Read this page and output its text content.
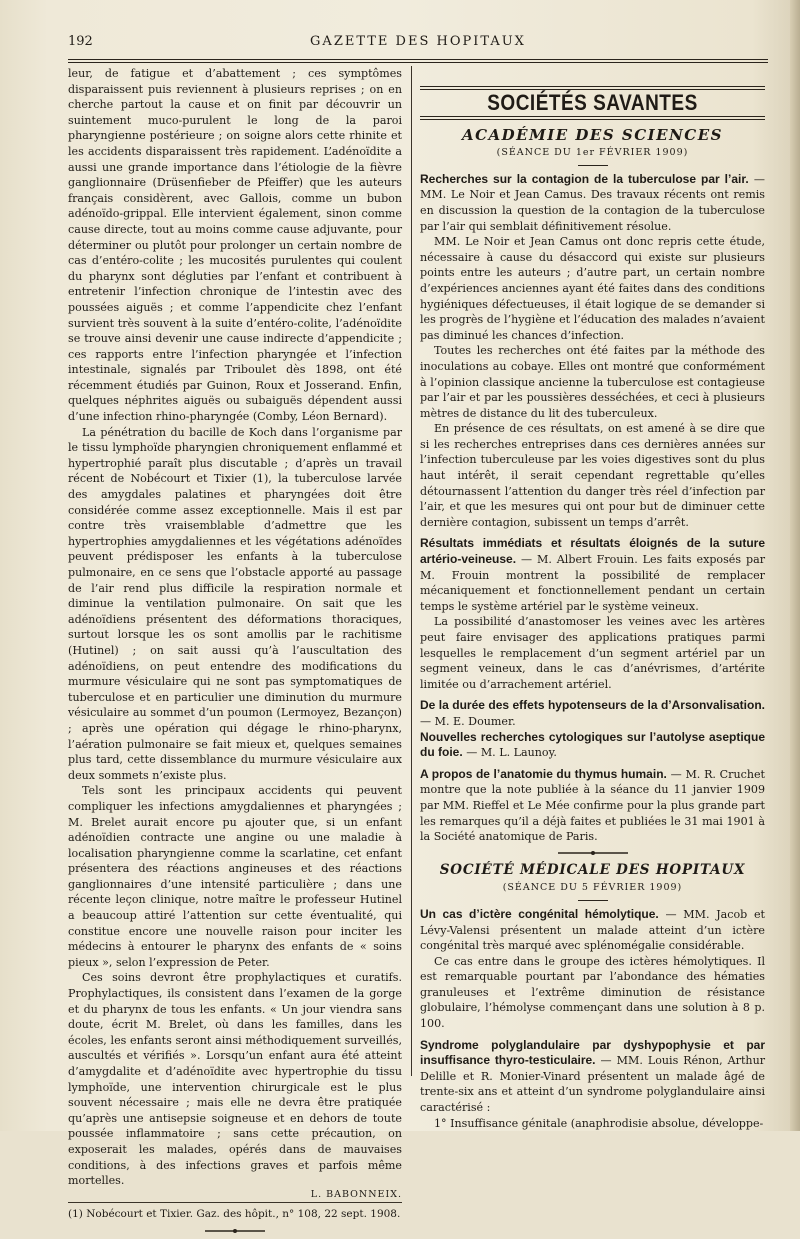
192	GAZETTE DES HOPITAUX

leur, de fatigue et d’abattement ; ces symptômes disparaissent puis reviennent à plusieurs reprises ; on en cherche partout la cause et on finit par découvrir un suintement muco-purulent le long de la paroi pharyngienne postérieure ; on soigne alors cette rhinite et les accidents disparaissent très rapidement. L’adénoïdite a aussi une grande importance dans l’étiologie de la fièvre ganglionnaire (Drüsenfieber de Pfeiffer) que les auteurs français considèrent, avec Gallois, comme un bubon adénoïdo-grippal. Elle intervient également, sinon comme cause directe, tout au moins comme cause adjuvante, pour déterminer ou plutôt pour prolonger un certain nombre de cas d’entéro-colite ; les mucosités purulentes qui coulent du pharynx sont dégluties par l’enfant et contribuent à entretenir l’infection chronique de l’intestin avec des poussées aiguës ; et comme l’appendicite chez l’enfant survient très souvent à la suite d’entéro-colite, l’adénoïdite se trouve ainsi devenir une cause indirecte d’appendicite ; ces rapports entre l’infection pharyngée et l’infection intestinale, signalés par Triboulet dès 1898, ont été récemment étudiés par Guinon, Roux et Josserand. Enfin, quelques néphrites aiguës ou subaiguës dépendent aussi d’une infection rhino-pharyngée (Comby, Léon Bernard).

La pénétration du bacille de Koch dans l’organisme par le tissu lymphoïde pharyngien chroniquement enflammé et hypertrophié paraît plus discutable ; d’après un travail récent de Nobécourt et Tixier (1), la tuberculose larvée des amygdales palatines et pharyngées doit être considérée comme assez exceptionnelle. Mais il est par contre très vraisemblable d’admettre que les hypertrophies amygdaliennes et les végétations adénoïdes peuvent prédisposer les enfants à la tuberculose pulmonaire, en ce sens que l’obstacle apporté au passage de l’air rend plus difficile la respiration normale et diminue la ventilation pulmonaire. On sait que les adénoïdiens présentent des déformations thoraciques, surtout lorsque les os sont amollis par le rachitisme (Hutinel) ; on sait aussi qu’à l’auscultation des adénoïdiens, on peut entendre des modifications du murmure vésiculaire qui ne sont pas symptomatiques de tuberculose et en particulier une diminution du murmure vésiculaire au sommet d’un poumon (Lermoyez, Bezançon) ; après une opération qui dégage le rhino-pharynx, l’aération pulmonaire se fait mieux et, quelques semaines plus tard, cette dissemblance du murmure vésiculaire aux deux sommets n’existe plus.

Tels sont les principaux accidents qui peuvent compliquer les infections amygdaliennes et pharyngées ; M. Brelet aurait encore pu ajouter que, si un enfant adénoïdien contracte une angine ou une maladie à localisation pharyngienne comme la scarlatine, cet enfant présentera des réactions angineuses et des réactions ganglionnaires d’une intensité particulière ; dans une récente leçon clinique, notre maître le professeur Hutinel a beaucoup attiré l’attention sur cette éventualité, qui constitue encore une nouvelle raison pour inciter les médecins à entourer le pharynx des enfants de « soins pieux », selon l’expression de Peter.

Ces soins devront être prophylactiques et curatifs. Prophylactiques, ils consistent dans l’examen de la gorge et du pharynx de tous les enfants. « Un jour viendra sans doute, écrit M. Brelet, où dans les familles, dans les écoles, les enfants seront ainsi méthodiquement surveillés, auscultés et vérifiés ». Lorsqu’un enfant aura été atteint d’amygdalite et d’adénoïdite avec hypertrophie du tissu lymphoïde, une intervention chirurgicale est le plus souvent nécessaire ; mais elle ne devra être pratiquée qu’après une antisepsie soigneuse et en dehors de toute poussée inflammatoire ; sans cette précaution, on exposerait les malades, opérés dans de mauvaises conditions, à des infections graves et parfois même mortelles.

L. BABONNEIX.

(1) Nobécourt et Tixier. Gaz. des hôpit., n° 108, 22 sept. 1908.

SOCIÉTÉS SAVANTES
ACADÉMIE DES SCIENCES
(SÉANCE DU 1er FÉVRIER 1909)

Recherches sur la contagion de la tuberculose par l’air. — MM. Le Noir et Jean Camus. Des travaux récents ont remis en discussion la question de la contagion de la tuberculose par l’air qui semblait définitivement résolue.

MM. Le Noir et Jean Camus ont donc repris cette étude, nécessaire à cause du désaccord qui existe sur plusieurs points entre les auteurs ; d’autre part, un certain nombre d’expériences anciennes ayant été faites dans des conditions hygiéniques défectueuses, il était logique de se demander si les progrès de l’hygiène et l’éducation des malades n’avaient pas diminué les chances d’infection.

Toutes les recherches ont été faites par la méthode des inoculations au cobaye. Elles ont montré que conformément à l’opinion classique ancienne la tuberculose est contagieuse par l’air et par les poussières desséchées, et ceci à plusieurs mètres de distance du lit des tuberculeux.

En présence de ces résultats, on est amené à se dire que si les recherches entreprises dans ces dernières années sur l’infection tuberculeuse par les voies digestives sont du plus haut intérêt, il serait cependant regrettable qu’elles détournassent l’attention du danger très réel d’infection par l’air, et que les mesures qui ont pour but de diminuer cette dernière contagion, subissent un temps d’arrêt.

Résultats immédiats et résultats éloignés de la suture artério-veineuse. — M. Albert Frouin. Les faits exposés par M. Frouin montrent la possibilité de remplacer mécaniquement et fonctionnellement pendant un certain temps le système artériel par le système veineux.

La possibilité d’anastomoser les veines avec les artères peut faire envisager des applications pratiques parmi lesquelles le remplacement d’un segment artériel par un segment veineux, dans le cas d’anévrismes, d’artérite limitée ou d’arrachement artériel.

De la durée des effets hypotenseurs de la d’Arsonvalisation. — M. E. Doumer.

Nouvelles recherches cytologiques sur l’autolyse aseptique du foie. — M. L. Launoy.

A propos de l’anatomie du thymus humain. — M. R. Cruchet montre que la note publiée à la séance du 11 janvier 1909 par MM. Rieffel et Le Mée confirme pour la plus grande part les remarques qu’il a déjà faites et publiées le 31 mai 1901 à la Société anatomique de Paris.

SOCIÉTÉ MÉDICALE DES HOPITAUX
(SÉANCE DU 5 FÉVRIER 1909)

Un cas d’ictère congénital hémolytique. — MM. Jacob et Lévy-Valensi présentent un malade atteint d’un ictère congénital très marqué avec splénomégalie considérable.

Ce cas entre dans le groupe des ictères hémolytiques. Il est remarquable pourtant par l’abondance des hématies granuleuses et l’extrême diminution de résistance globulaire, l’hémolyse commençant dans une solution à 8 p. 100.

Syndrome polyglandulaire par dyshypophysie et par insuffisance thyro-testiculaire. — MM. Louis Rénon, Arthur Delille et R. Monier-Vinard présentent un malade âgé de trente-six ans et atteint d’un syndrome polyglandulaire ainsi caractérisé :

1° Insuffisance génitale (anaphrodisie absolue, développe-
